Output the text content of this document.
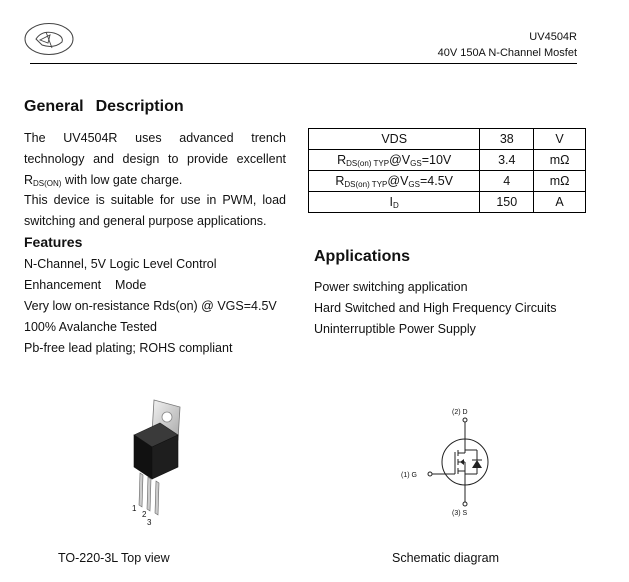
UV4504R
40V 150A N-Channel Mosfet
General Description
The UV4504R uses advanced trench technology and design to provide excellent $R_{DS(ON)}$ with low gate charge.
This device is suitable for use in PWM, load switching and general purpose applications.
Features
N-Channel, 5V Logic Level Control
Enhancement    Mode
Very low on-resistance Rds(on) @ VGS=4.5V
100% Avalanche Tested
Pb-free lead plating; ROHS compliant
VDS	38	V
$R_{DS(on) TYP}@V_{GS}=10V$	3.4	mΩ
$R_{DS(on) TYP}@V_{GS}=4.5V$	4	mΩ
$I_D$	150	A
Applications
Power switching application
Hard Switched and High Frequency Circuits
Uninterruptible Power Supply
1
2
3
(2) D
(1) G
(3) S
TO-220-3L Top view	Schematic diagram
